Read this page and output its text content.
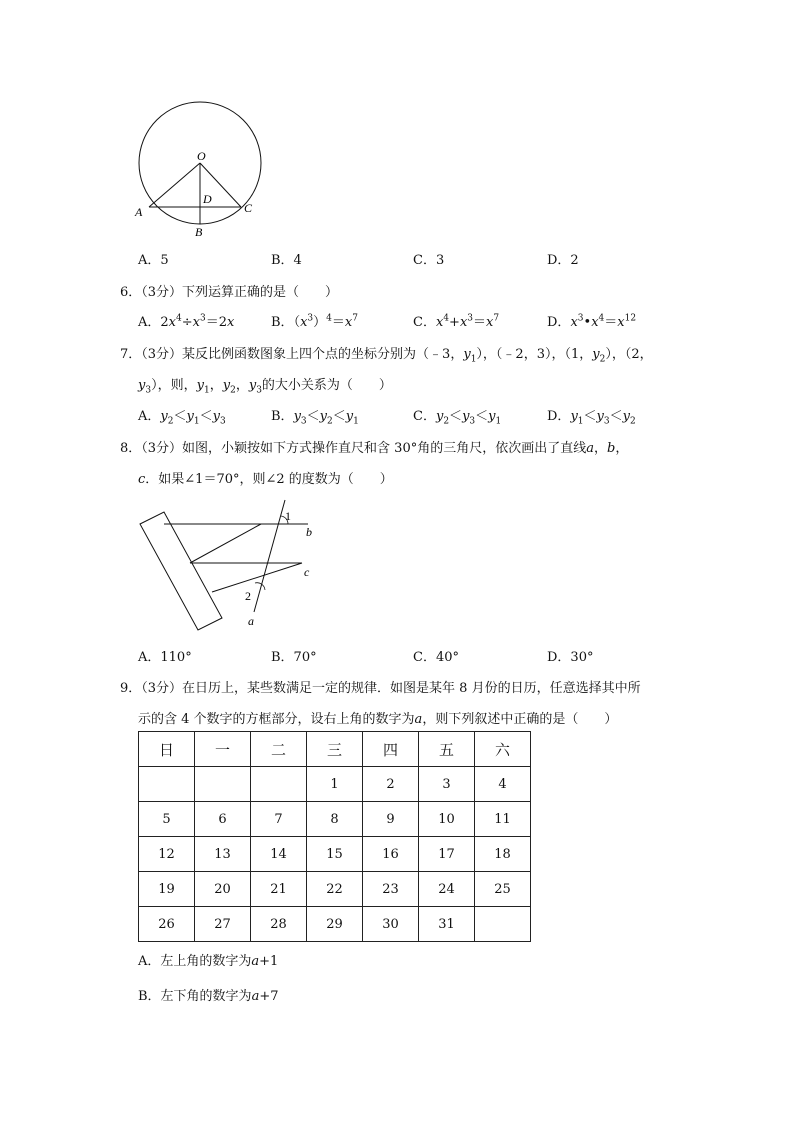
O
D
A	C
B
A．5	B．4	C．3	D．2
6．（3分）下列运算正确的是（　　）
A．$2x^4\div x^3=2x$	B．$(x^3)^4=x^7$	C．$x^4+x^3=x^7$	D．$x^3•x^4=x^{12}$
7．（3分）某反比例函数图象上四个点的坐标分别为（﹣3，$y_1$），（﹣2，3），（1，$y_2$），（2，
$y_3$），则，$y_1$，$y_2$，$y_3$的大小关系为（　　）
A．$y_2<y_1<y_3$	B．$y_3<y_2<y_1$	C．$y_2<y_3<y_1$	D．$y_1<y_3<y_2$
8．（3分）如图，小颖按如下方式操作直尺和含 30°角的三角尺，依次画出了直线a，b，
c．如果∠1＝70°，则∠2 的度数为（　　）
1
2
b
c
a
A．110°	B．70°	C．40°	D．30°
9．（3分）在日历上，某些数满足一定的规律．如图是某年 8 月份的日历，任意选择其中所
示的含 4 个数字的方框部分，设右上角的数字为a，则下列叙述中正确的是（　　）
日	一	二	三	四	五	六
			1	2	3	4
5	6	7	8	9	10	11
12	13	14	15	16	17	18
19	20	21	22	23	24	25
26	27	28	29	30	31	
A．左上角的数字为a+1
B．左下角的数字为a+7
